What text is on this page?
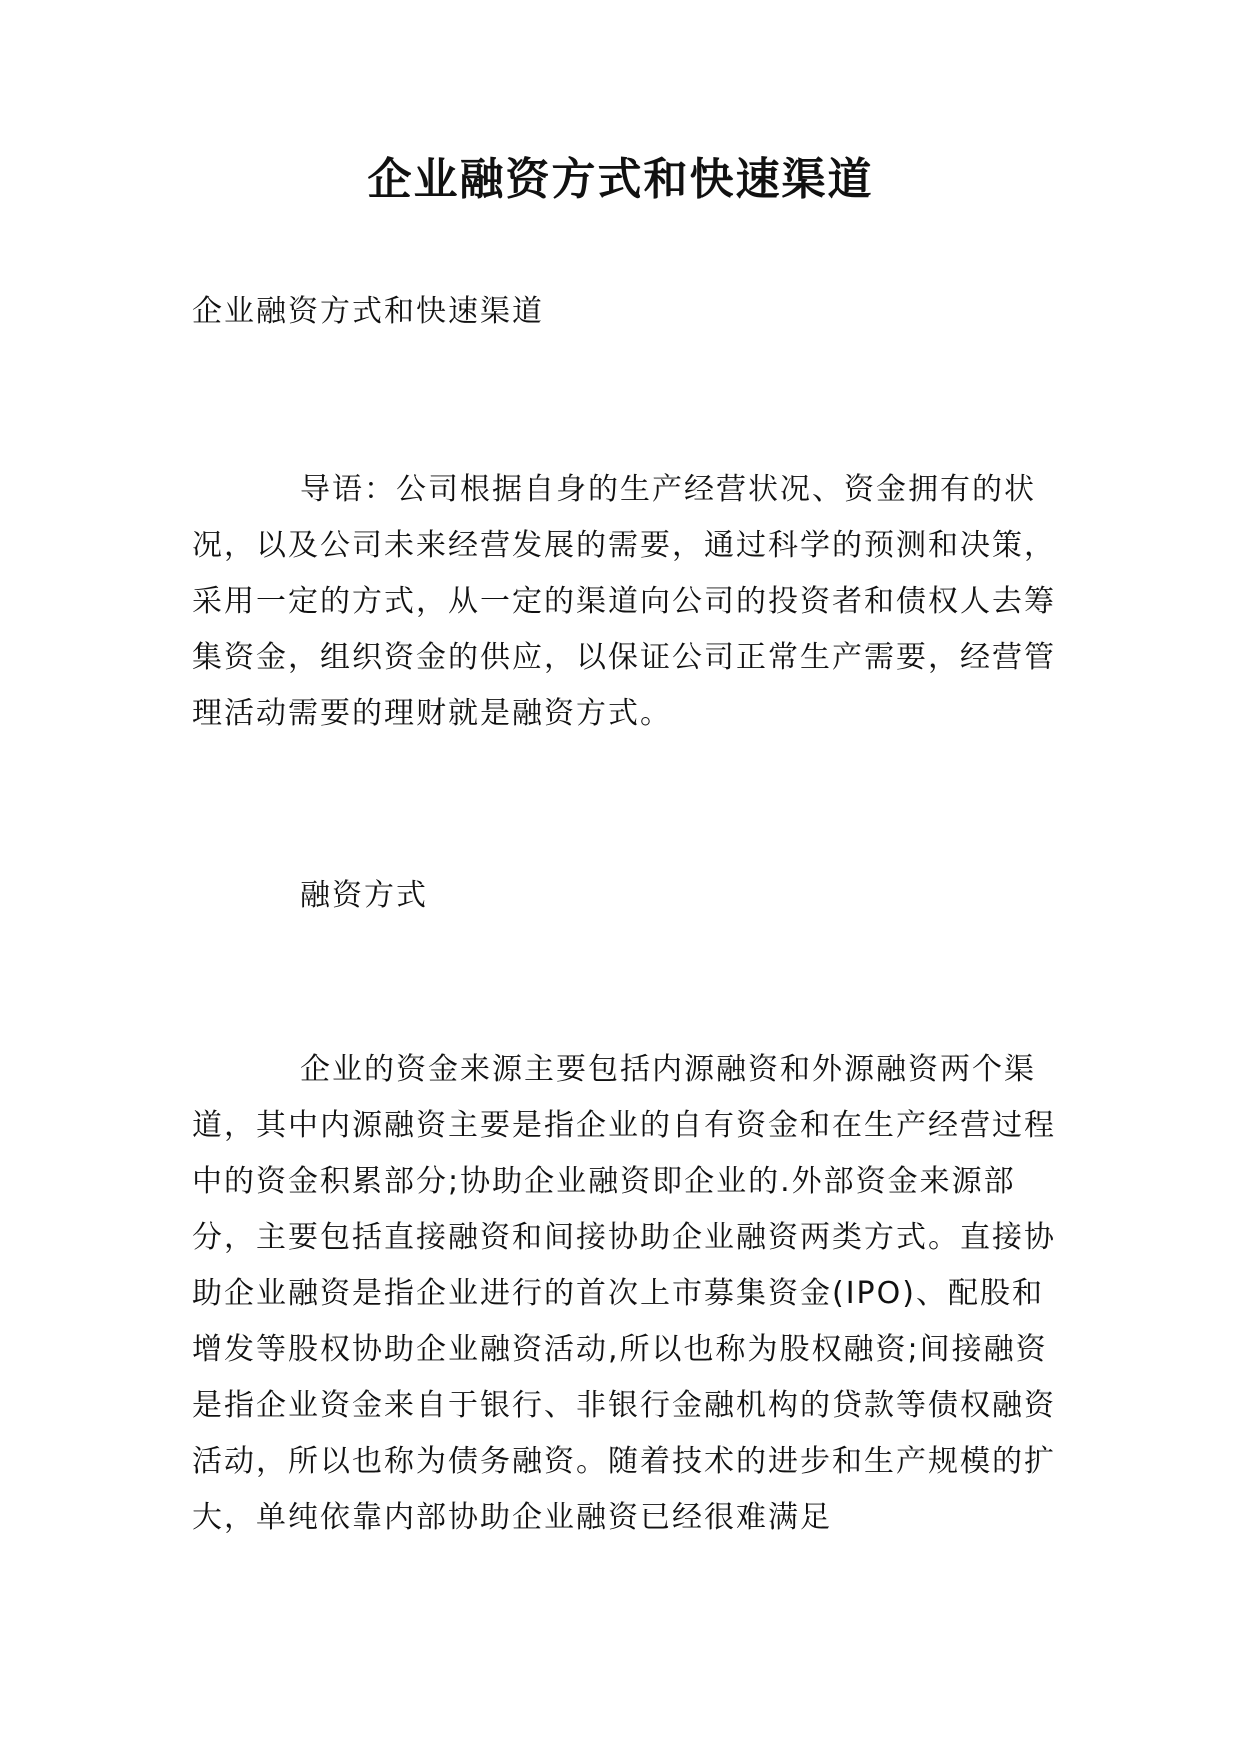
企业融资方式和快速渠道
企业融资方式和快速渠道

导语：公司根据自身的生产经营状况、资金拥有的状况，以及公司未来经营发展的需要，通过科学的预测和决策，采用一定的方式，从一定的渠道向公司的投资者和债权人去筹集资金，组织资金的供应，以保证公司正常生产需要，经营管理活动需要的理财就是融资方式。

融资方式

企业的资金来源主要包括内源融资和外源融资两个渠道，其中内源融资主要是指企业的自有资金和在生产经营过程中的资金积累部分;协助企业融资即企业的.外部资金来源部分，主要包括直接融资和间接协助企业融资两类方式。直接协助企业融资是指企业进行的首次上市募集资金(IPO)、配股和增发等股权协助企业融资活动,所以也称为股权融资;间接融资是指企业资金来自于银行、非银行金融机构的贷款等债权融资活动，所以也称为债务融资。随着技术的进步和生产规模的扩大，单纯依靠内部协助企业融资已经很难满足
